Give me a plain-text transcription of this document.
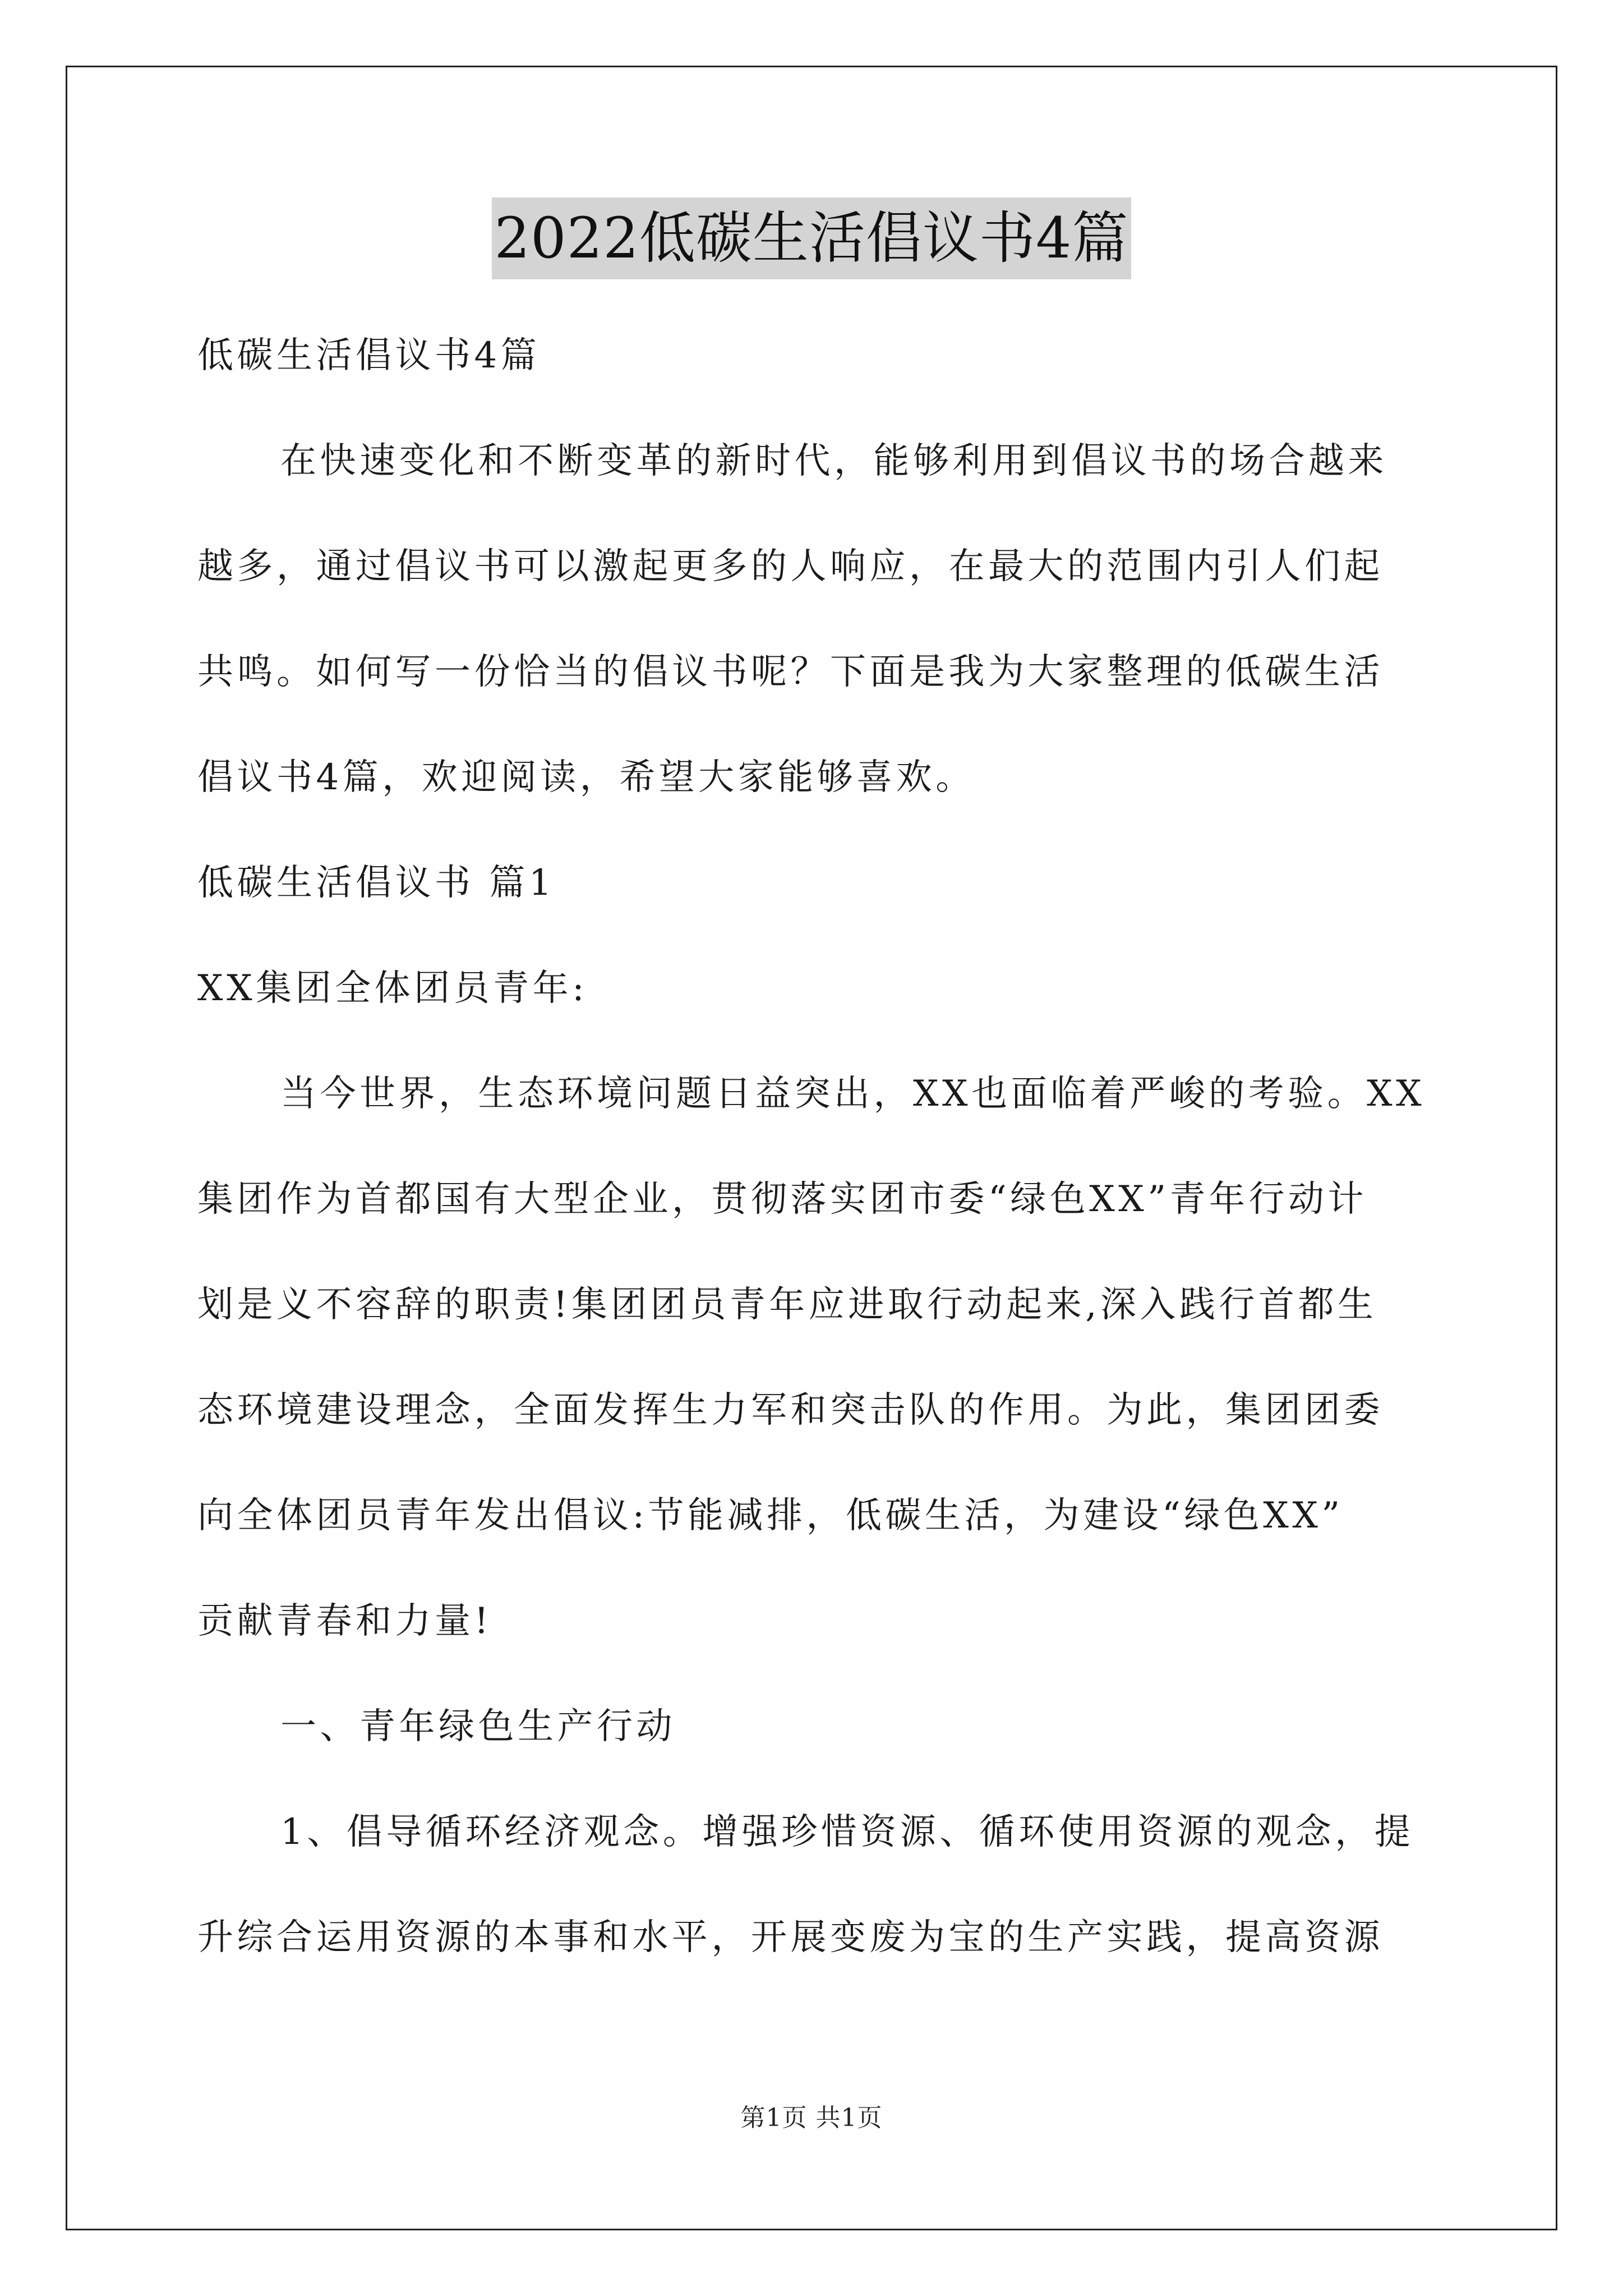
2022低碳生活倡议书4篇
低碳生活倡议书4篇
在快速变化和不断变革的新时代，能够利用到倡议书的场合越来
越多，通过倡议书可以激起更多的人响应，在最大的范围内引人们起
共鸣。如何写一份恰当的倡议书呢？下面是我为大家整理的低碳生活
倡议书4篇，欢迎阅读，希望大家能够喜欢。
低碳生活倡议书 篇1
XX集团全体团员青年:
当今世界，生态环境问题日益突出，XX也面临着严峻的考验。XX
集团作为首都国有大型企业，贯彻落实团市委“绿色XX”青年行动计
划是义不容辞的职责!集团团员青年应进取行动起来,深入践行首都生
态环境建设理念，全面发挥生力军和突击队的作用。为此，集团团委
向全体团员青年发出倡议:节能减排，低碳生活，为建设“绿色XX”
贡献青春和力量!
一、青年绿色生产行动
1、倡导循环经济观念。增强珍惜资源、循环使用资源的观念，提
升综合运用资源的本事和水平，开展变废为宝的生产实践，提高资源
第1页 共1页
